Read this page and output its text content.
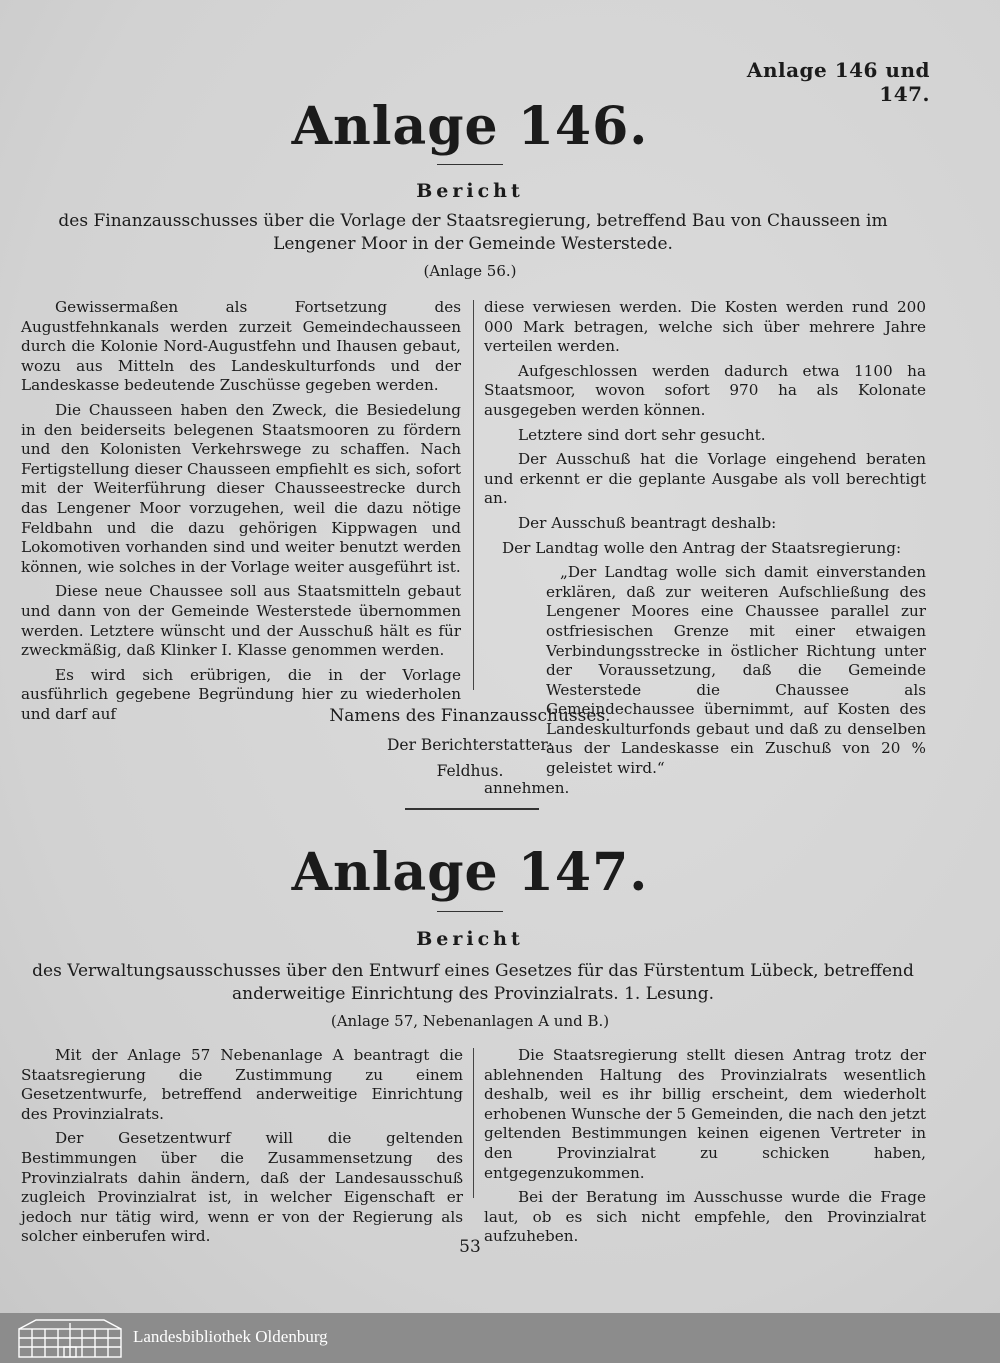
Anlage 146 und 147.
Anlage 146.
Bericht
des Finanzausschusses über die Vorlage der Staatsregierung, betreffend Bau von Chausseen im Lengener Moor in der Gemeinde Westerstede.
(Anlage 56.)

Gewissermaßen als Fortsetzung des Augustfehnkanals werden zurzeit Gemeindechausseen durch die Kolonie Nord-Augustfehn und Ihausen gebaut, wozu aus Mitteln des Landeskulturfonds und der Landeskasse bedeutende Zuschüsse gegeben werden.

Die Chausseen haben den Zweck, die Besiedelung in den beiderseits belegenen Staatsmooren zu fördern und den Kolonisten Verkehrswege zu schaffen. Nach Fertigstellung dieser Chausseen empfiehlt es sich, sofort mit der Weiterführung dieser Chausseestrecke durch das Lengener Moor vorzugehen, weil die dazu nötige Feldbahn und die dazu gehörigen Kippwagen und Lokomotiven vorhanden sind und weiter benutzt werden können, wie solches in der Vorlage weiter ausgeführt ist.

Diese neue Chaussee soll aus Staatsmitteln gebaut und dann von der Gemeinde Westerstede übernommen werden. Letztere wünscht und der Ausschuß hält es für zweckmäßig, daß Klinker I. Klasse genommen werden.

Es wird sich erübrigen, die in der Vorlage ausführlich gegebene Begründung hier zu wiederholen und darf auf

diese verwiesen werden. Die Kosten werden rund 200 000 Mark betragen, welche sich über mehrere Jahre verteilen werden.

Aufgeschlossen werden dadurch etwa 1100 ha Staatsmoor, wovon sofort 970 ha als Kolonate ausgegeben werden können.

Letztere sind dort sehr gesucht.

Der Ausschuß hat die Vorlage eingehend beraten und erkennt er die geplante Ausgabe als voll berechtigt an.

Der Ausschuß beantragt deshalb:

Der Landtag wolle den Antrag der Staatsregierung:

„Der Landtag wolle sich damit einverstanden erklären, daß zur weiteren Aufschließung des Lengener Moores eine Chaussee parallel zur ostfriesischen Grenze mit einer etwaigen Verbindungsstrecke in östlicher Richtung unter der Voraussetzung, daß die Gemeinde Westerstede die Chaussee als Gemeindechaussee übernimmt, auf Kosten des Landeskulturfonds gebaut und daß zu denselben aus der Landeskasse ein Zuschuß von 20 % geleistet wird.“

annehmen.

Namens des Finanzausschusses.
Der Berichterstatter:
Feldhus.
Anlage 147.
Bericht
des Verwaltungsausschusses über den Entwurf eines Gesetzes für das Fürstentum Lübeck, betreffend anderweitige Einrichtung des Provinzialrats. 1. Lesung.
(Anlage 57, Nebenanlagen A und B.)

Mit der Anlage 57 Nebenanlage A beantragt die Staatsregierung die Zustimmung zu einem Gesetzentwurfe, betreffend anderweitige Einrichtung des Provinzialrats.

Der Gesetzentwurf will die geltenden Bestimmungen über die Zusammensetzung des Provinzialrats dahin ändern, daß der Landesausschuß zugleich Provinzialrat ist, in welcher Eigenschaft er jedoch nur tätig wird, wenn er von der Regierung als solcher einberufen wird.

Die Staatsregierung stellt diesen Antrag trotz der ablehnenden Haltung des Provinzialrats wesentlich deshalb, weil es ihr billig erscheint, dem wiederholt erhobenen Wunsche der 5 Gemeinden, die nach den jetzt geltenden Bestimmungen keinen eigenen Vertreter in den Provinzialrat zu schicken haben, entgegenzukommen.

Bei der Beratung im Ausschusse wurde die Frage laut, ob es sich nicht empfehle, den Provinzialrat aufzuheben.

53
Landesbibliothek Oldenburg
